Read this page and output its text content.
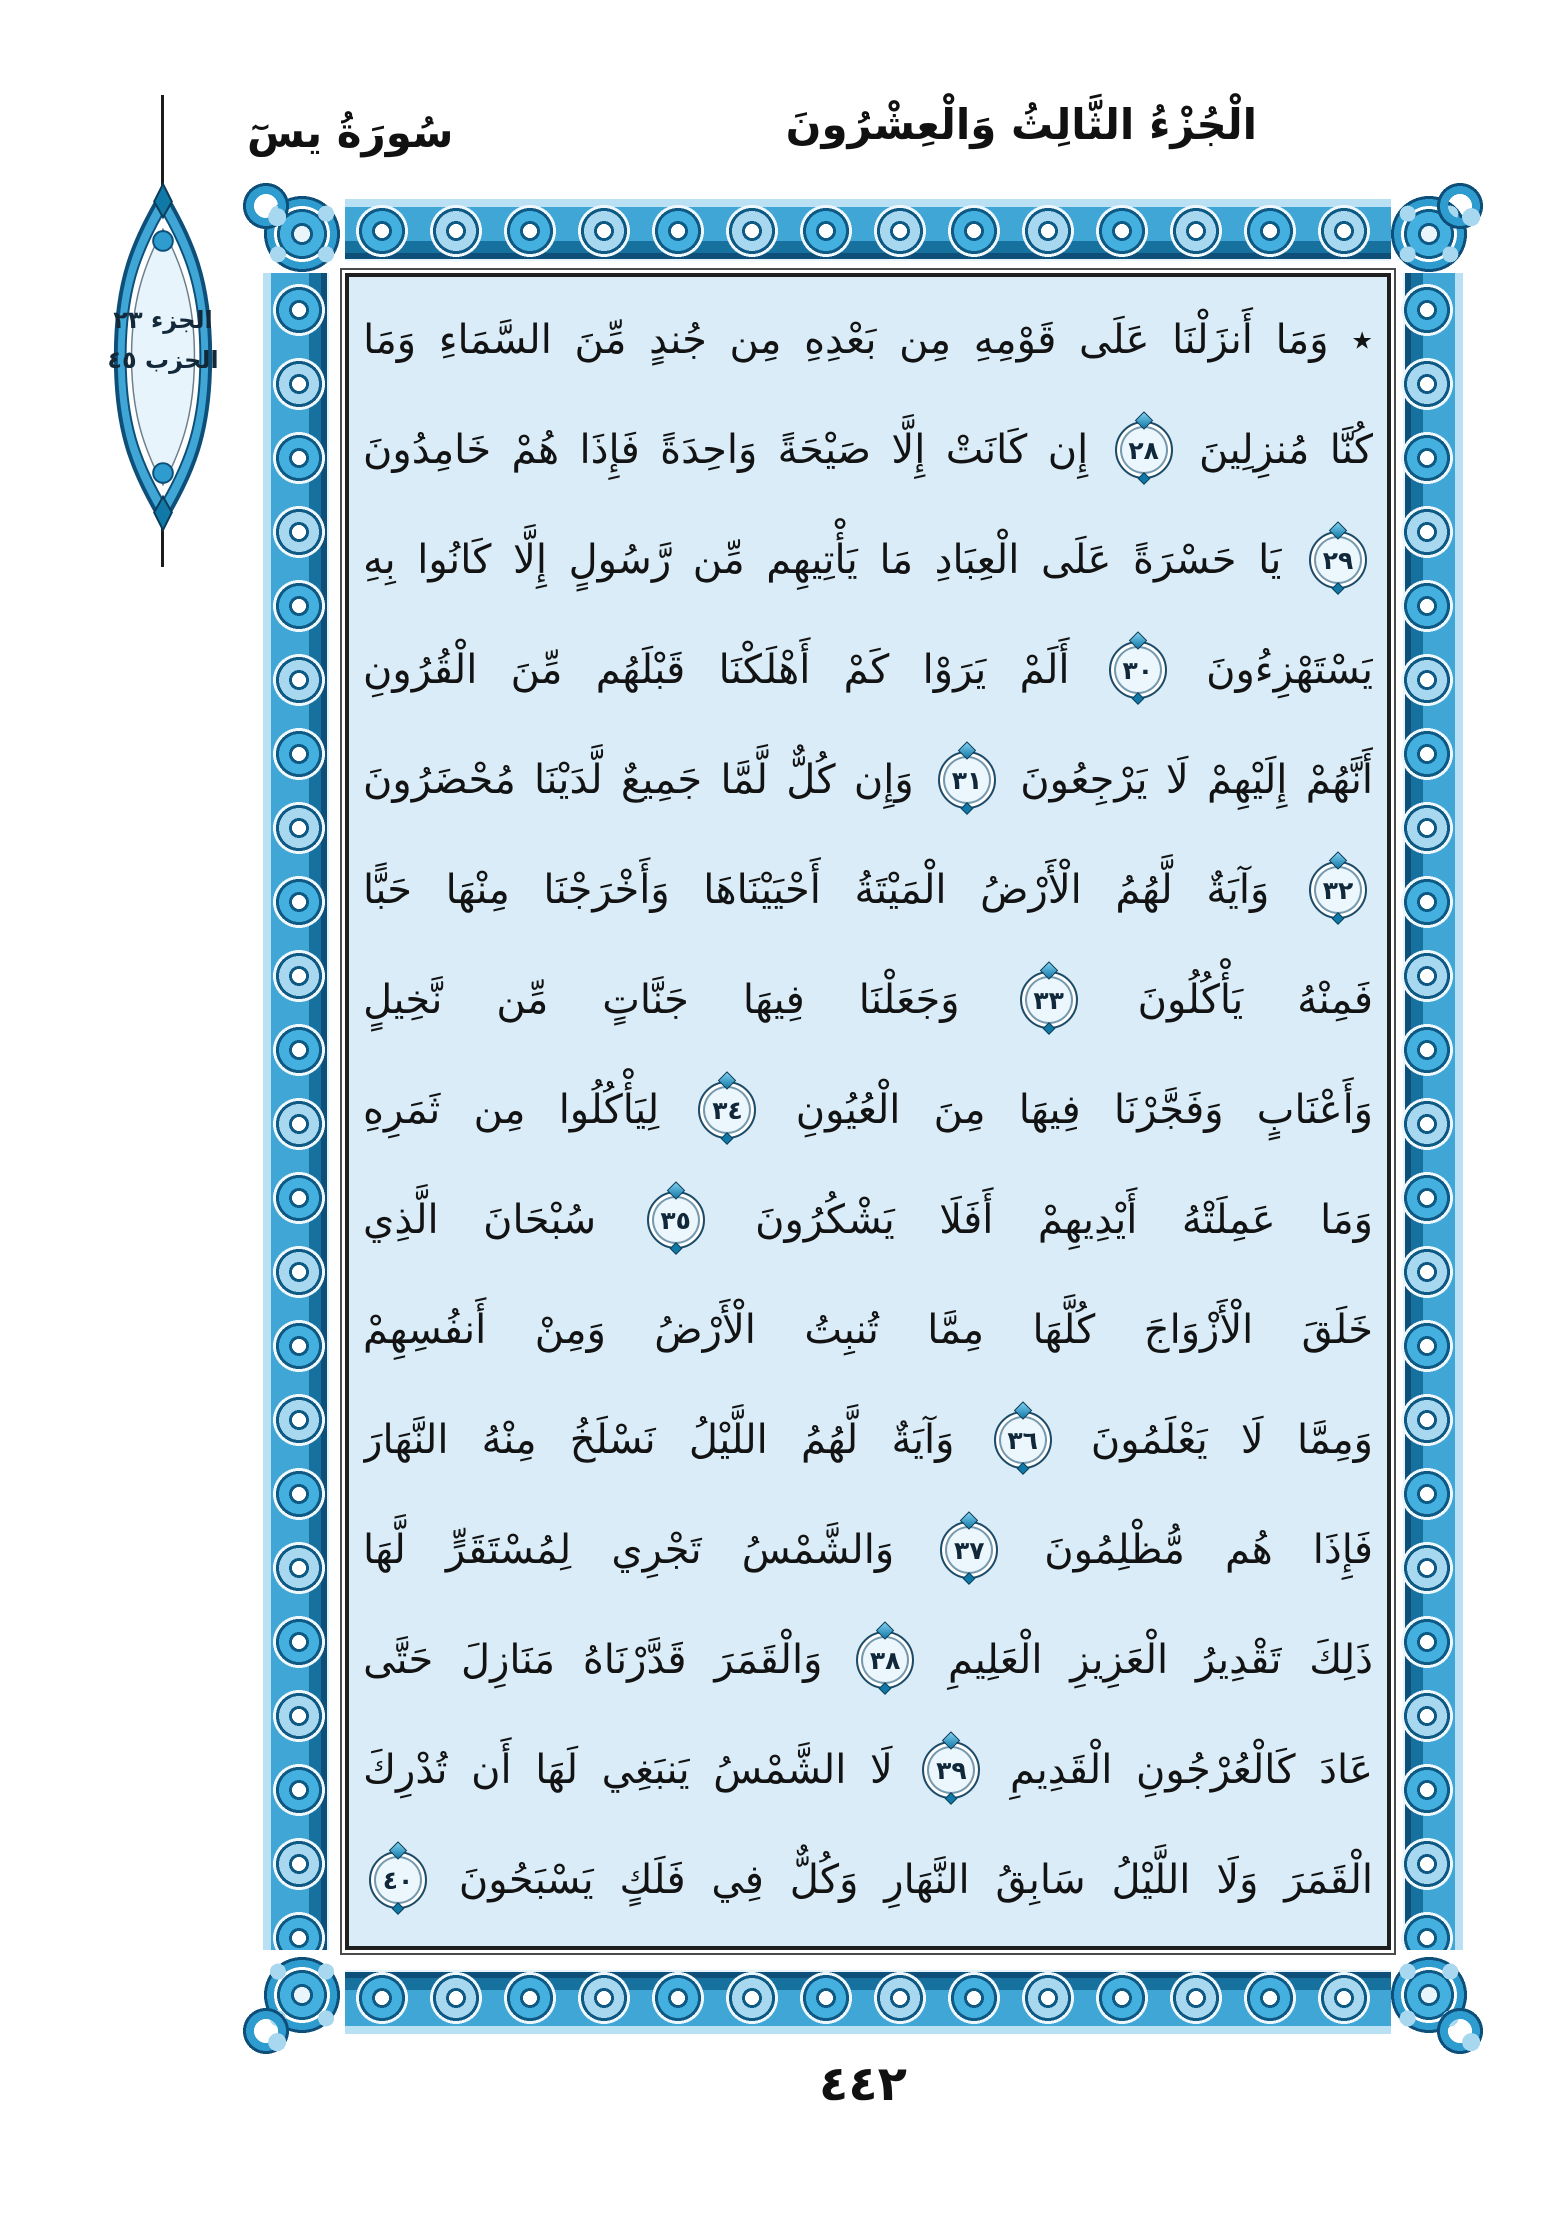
الْجُزْءُ الثَّالِثُ وَالْعِشْرُونَ
سُورَةُ يسٓ
الجزء ٢٣
الحزب ٤٥	٭
وَمَا
أَنزَلْنَا
عَلَى
قَوْمِهِ
مِن
بَعْدِهِ
مِن
جُندٍ
مِّنَ
السَّمَاءِ
وَمَا
كُنَّا
مُنزِلِينَ
٢٨
إِن
كَانَتْ
إِلَّا
صَيْحَةً
وَاحِدَةً
فَإِذَا
هُمْ
خَامِدُونَ
٢٩
يَا
حَسْرَةً
عَلَى
الْعِبَادِ
مَا
يَأْتِيهِم
مِّن
رَّسُولٍ
إِلَّا
كَانُوا
بِهِ
يَسْتَهْزِءُونَ
٣٠
أَلَمْ
يَرَوْا
كَمْ
أَهْلَكْنَا
قَبْلَهُم
مِّنَ
الْقُرُونِ
أَنَّهُمْ
إِلَيْهِمْ
لَا
يَرْجِعُونَ
٣١
وَإِن
كُلٌّ
لَّمَّا
جَمِيعٌ
لَّدَيْنَا
مُحْضَرُونَ
٣٢
وَآيَةٌ
لَّهُمُ
الْأَرْضُ
الْمَيْتَةُ
أَحْيَيْنَاهَا
وَأَخْرَجْنَا
مِنْهَا
حَبًّا
فَمِنْهُ
يَأْكُلُونَ
٣٣
وَجَعَلْنَا
فِيهَا
جَنَّاتٍ
مِّن
نَّخِيلٍ
وَأَعْنَابٍ
وَفَجَّرْنَا
فِيهَا
مِنَ
الْعُيُونِ
٣٤
لِيَأْكُلُوا
مِن
ثَمَرِهِ
وَمَا
عَمِلَتْهُ
أَيْدِيهِمْ
أَفَلَا
يَشْكُرُونَ
٣٥
سُبْحَانَ
الَّذِي
خَلَقَ
الْأَزْوَاجَ
كُلَّهَا
مِمَّا
تُنبِتُ
الْأَرْضُ
وَمِنْ
أَنفُسِهِمْ
وَمِمَّا
لَا
يَعْلَمُونَ
٣٦
وَآيَةٌ
لَّهُمُ
اللَّيْلُ
نَسْلَخُ
مِنْهُ
النَّهَارَ
فَإِذَا
هُم
مُّظْلِمُونَ
٣٧
وَالشَّمْسُ
تَجْرِي
لِمُسْتَقَرٍّ
لَّهَا
ذَلِكَ
تَقْدِيرُ
الْعَزِيزِ
الْعَلِيمِ
٣٨
وَالْقَمَرَ
قَدَّرْنَاهُ
مَنَازِلَ
حَتَّى
عَادَ
كَالْعُرْجُونِ
الْقَدِيمِ
٣٩
لَا
الشَّمْسُ
يَنبَغِي
لَهَا
أَن
تُدْرِكَ
الْقَمَرَ
وَلَا
اللَّيْلُ
سَابِقُ
النَّهَارِ
وَكُلٌّ
فِي
فَلَكٍ
يَسْبَحُونَ
٤٠
٤٤٢
